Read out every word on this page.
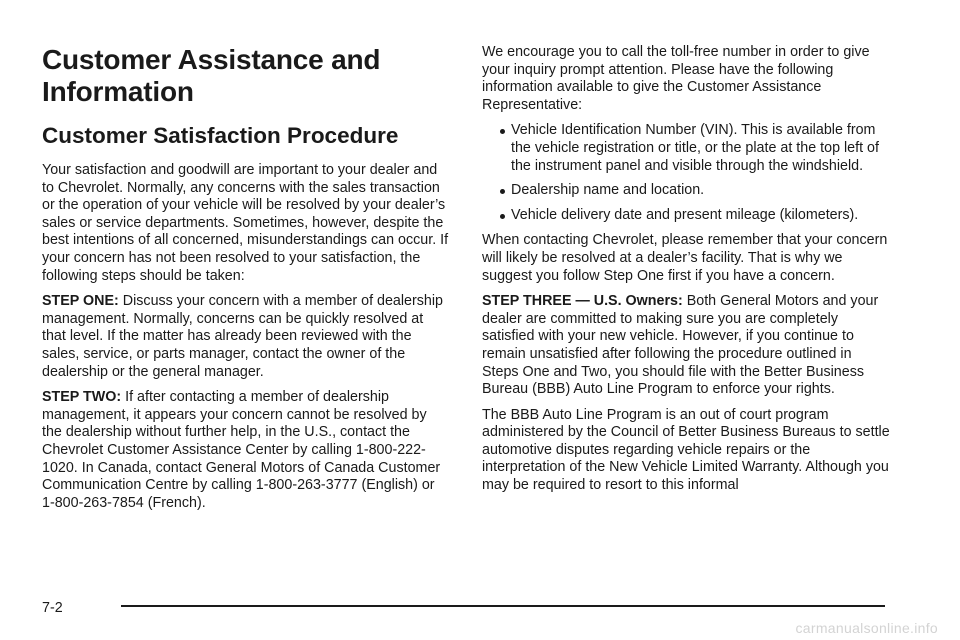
Customer Assistance and Information
Customer Satisfaction Procedure

Your satisfaction and goodwill are important to your dealer and to Chevrolet. Normally, any concerns with the sales transaction or the operation of your vehicle will be resolved by your dealer’s sales or service departments. Sometimes, however, despite the best intentions of all concerned, misunderstandings can occur. If your concern has not been resolved to your satisfaction, the following steps should be taken:

STEP ONE: Discuss your concern with a member of dealership management. Normally, concerns can be quickly resolved at that level. If the matter has already been reviewed with the sales, service, or parts manager, contact the owner of the dealership or the general manager.

STEP TWO: If after contacting a member of dealership management, it appears your concern cannot be resolved by the dealership without further help, in the U.S., contact the Chevrolet Customer Assistance Center by calling 1-800-222-1020. In Canada, contact General Motors of Canada Customer Communication Centre by calling 1-800-263-3777 (English) or 1-800-263-7854 (French).

We encourage you to call the toll-free number in order to give your inquiry prompt attention. Please have the following information available to give the Customer Assistance Representative:

Vehicle Identification Number (VIN). This is available from the vehicle registration or title, or the plate at the top left of the instrument panel and visible through the windshield.
Dealership name and location.
Vehicle delivery date and present mileage (kilometers).

When contacting Chevrolet, please remember that your concern will likely be resolved at a dealer’s facility. That is why we suggest you follow Step One first if you have a concern.

STEP THREE — U.S. Owners: Both General Motors and your dealer are committed to making sure you are completely satisfied with your new vehicle. However, if you continue to remain unsatisfied after following the procedure outlined in Steps One and Two, you should file with the Better Business Bureau (BBB) Auto Line Program to enforce your rights.

The BBB Auto Line Program is an out of court program administered by the Council of Better Business Bureaus to settle automotive disputes regarding vehicle repairs or the interpretation of the New Vehicle Limited Warranty. Although you may be required to resort to this informal

7-2
carmanualsonline.info
